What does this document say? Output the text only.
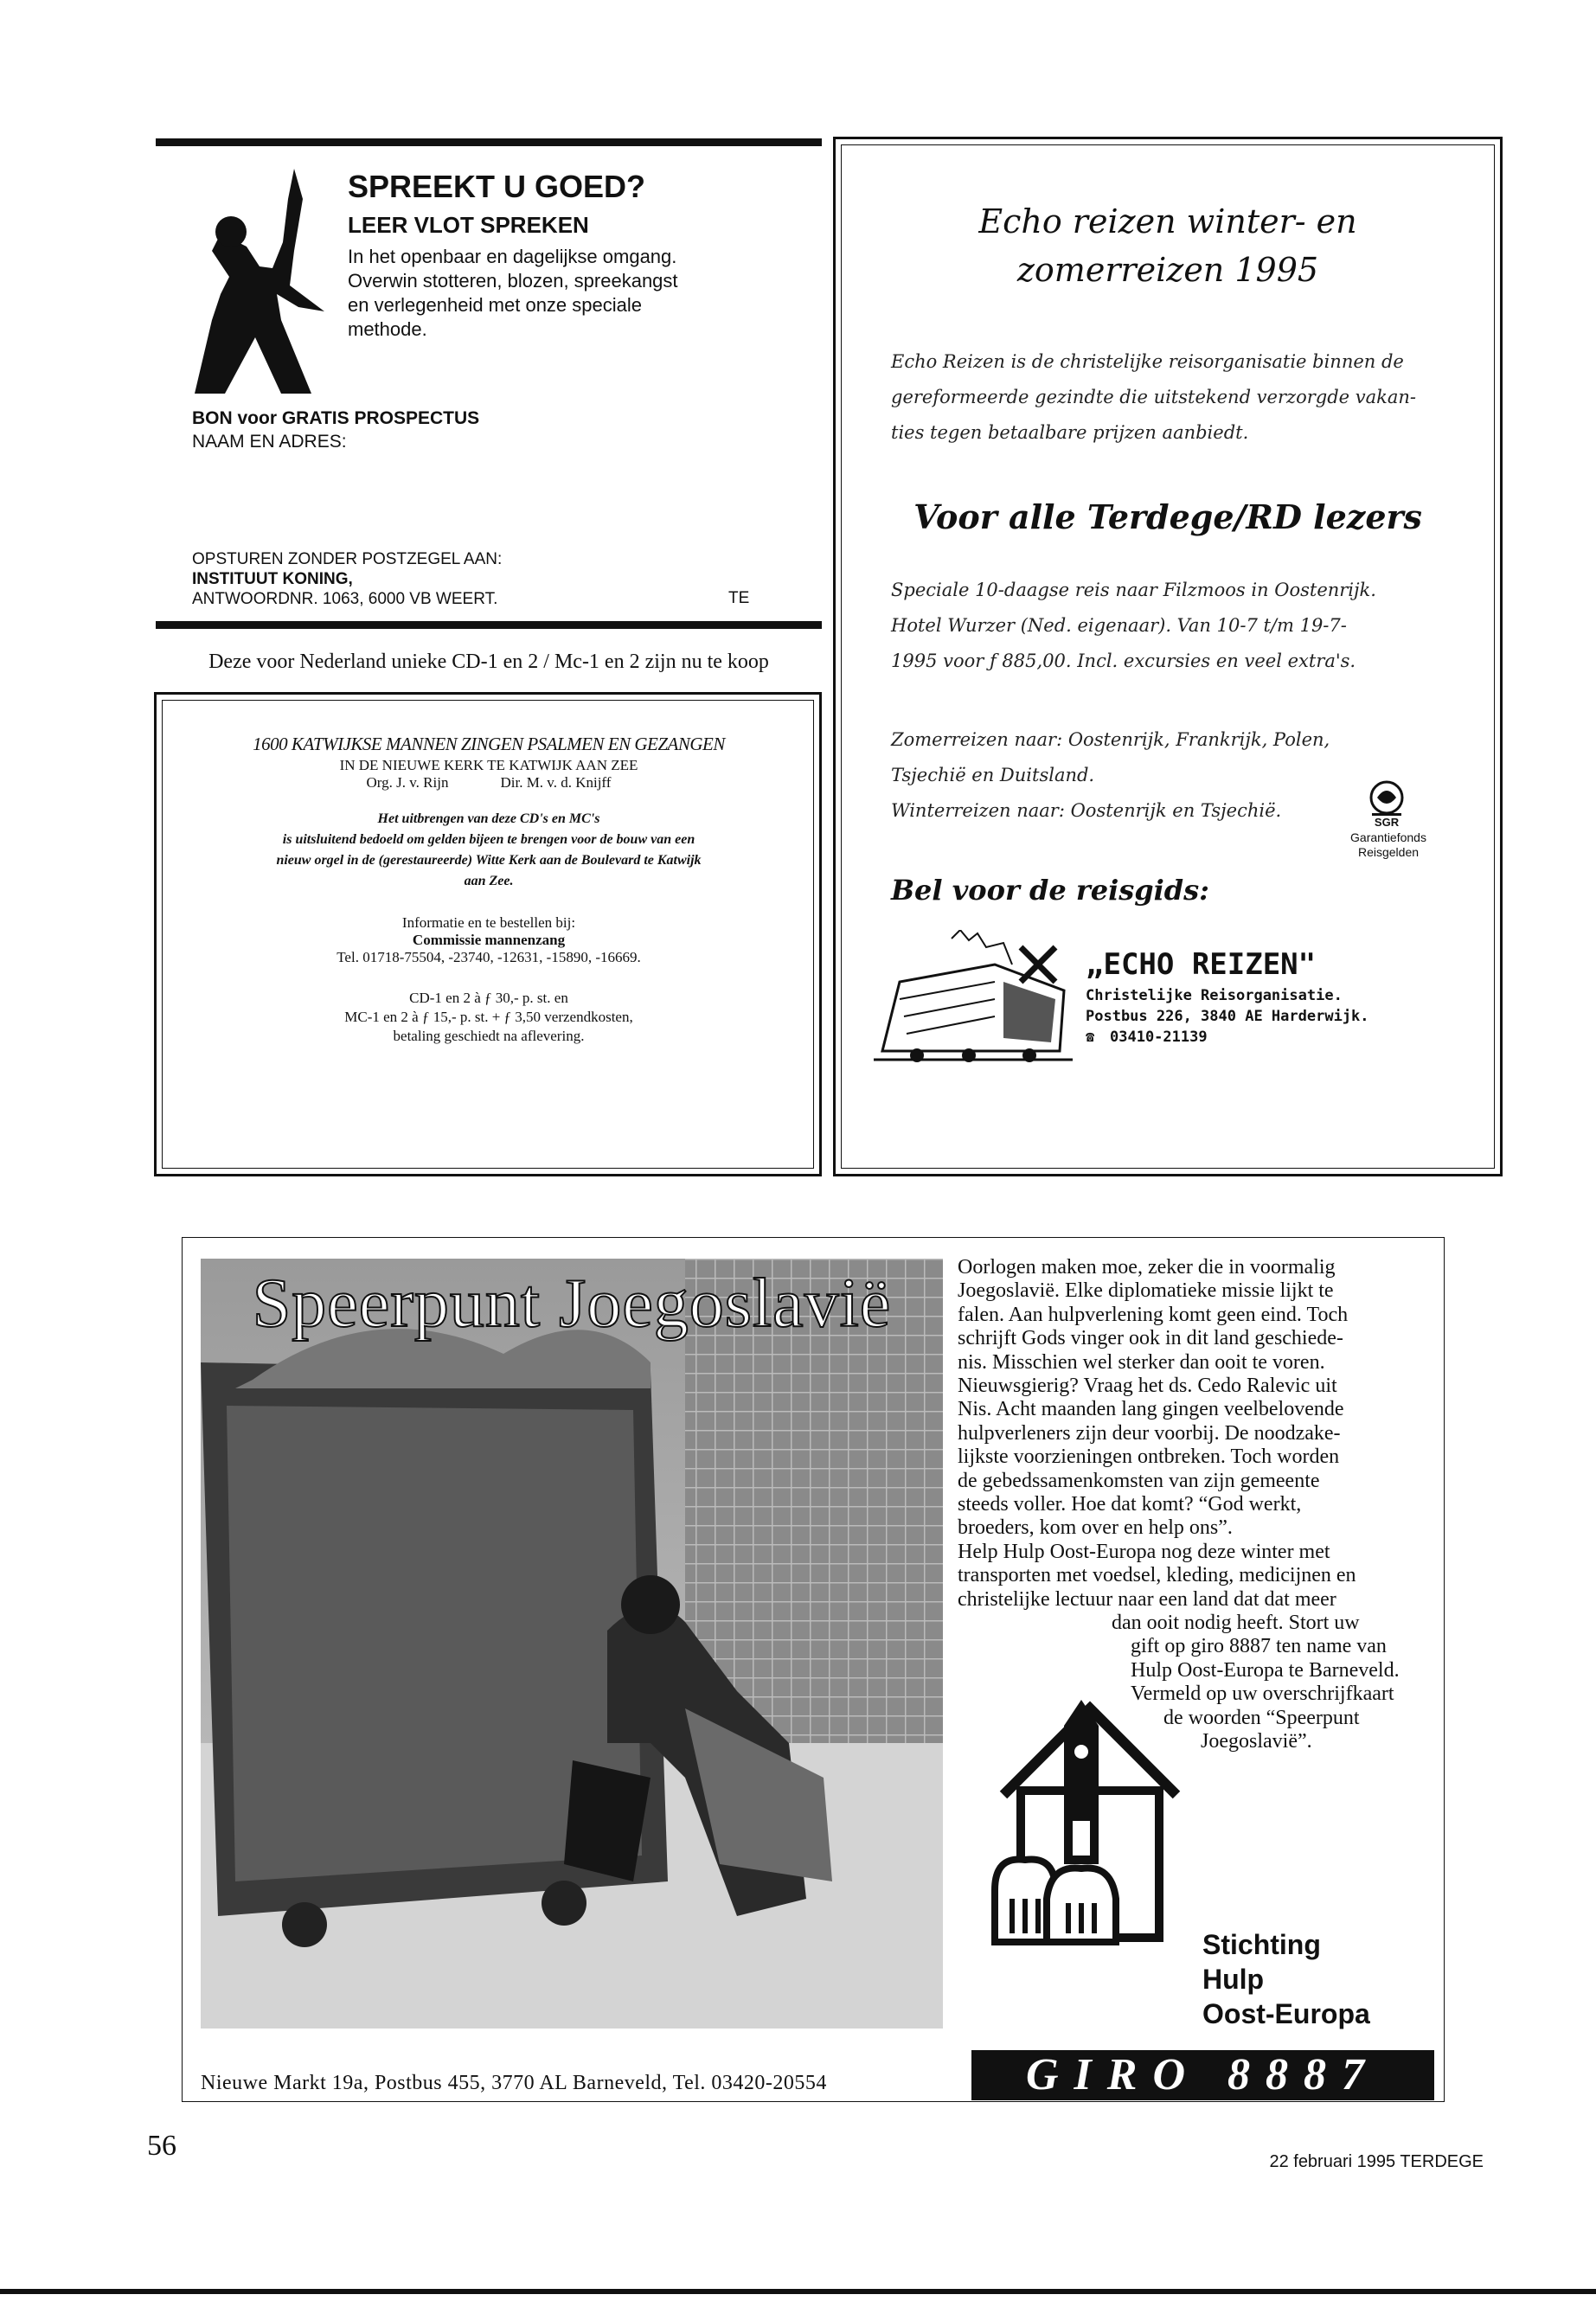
SPREEKT U GOED?
LEER VLOT SPREKEN
In het openbaar en dagelijkse omgang.
Overwin stotteren, blozen, spreekangst
en verlegenheid met onze speciale
methode.
BON voor GRATIS PROSPECTUS
NAAM EN ADRES:
OPSTUREN ZONDER POSTZEGEL AAN:
INSTITUUT KONING,
ANTWOORDNR. 1063, 6000 VB WEERT.	TE
Deze voor Nederland unieke CD-1 en 2 / Mc-1 en 2 zijn nu te koop
1600 KATWIJKSE MANNEN ZINGEN PSALMEN EN GEZANGEN
IN DE NIEUWE KERK TE KATWIJK AAN ZEE
Org. J. v. Rijn	Dir. M. v. d. Knijff
Het uitbrengen van deze CD's en MC's
is uitsluitend bedoeld om gelden bijeen te brengen voor de bouw van een
nieuw orgel in de (gerestaureerde) Witte Kerk aan de Boulevard te Katwijk
aan Zee.
Informatie en te bestellen bij:
Commissie mannenzang
Tel. 01718-75504, -23740, -12631, -15890, -16669.
CD-1 en 2 à ƒ 30,- p. st. en
MC-1 en 2 à ƒ 15,- p. st. + ƒ 3,50 verzendkosten,
betaling geschiedt na aflevering.
Echo reizen winter- en
zomerreizen 1995
Echo Reizen is de christelijke reisorganisatie binnen de
gereformeerde gezindte die uitstekend verzorgde vakan-
ties tegen betaalbare prijzen aanbiedt.
Voor alle Terdege/RD lezers
Speciale 10-daagse reis naar Filzmoos in Oostenrijk.
Hotel Wurzer (Ned. eigenaar). Van 10-7 t/m 19-7-
1995 voor ƒ 885,00. Incl. excursies en veel extra's.
Zomerreizen naar: Oostenrijk, Frankrijk, Polen,
Tsjechië en Duitsland.
Winterreizen naar: Oostenrijk en Tsjechië.
SGR
Garantiefonds
Reisgelden
Bel voor de reisgids:
„ECHO REIZEN"
Christelijke Reisorganisatie.
Postbus 226, 3840 AE Harderwijk.
☎ 03410-21139
Speerpunt Joegoslavië	Oorlogen maken moe, zeker die in voormalig
Joegoslavië. Elke diplomatieke missie lijkt te
falen. Aan hulpverlening komt geen eind. Toch
schrijft Gods vinger ook in dit land geschiede-
nis. Misschien wel sterker dan ooit te voren.
Nieuwsgierig? Vraag het ds. Cedo Ralevic uit
Nis. Acht maanden lang gingen veelbelovende
hulpverleners zijn deur voorbij. De noodzake-
lijkste voorzieningen ontbreken. Toch worden
de gebedssamenkomsten van zijn gemeente
steeds voller. Hoe dat komt? “God werkt,
broeders, kom over en help ons”.
Help Hulp Oost-Europa nog deze winter met
transporten met voedsel, kleding, medicijnen en
christelijke lectuur naar een land dat dat meer
dan ooit nodig heeft. Stort uw
gift op giro 8887 ten name van
Hulp Oost-Europa te Barneveld.
Vermeld op uw overschrijfkaart
de woorden “Speerpunt
Joegoslavië”.
Stichting
Hulp
Oost-Europa
Nieuwe Markt 19a, Postbus 455, 3770 AL Barneveld, Tel. 03420-20554	GIRO 8887
56	22 februari 1995 TERDEGE
